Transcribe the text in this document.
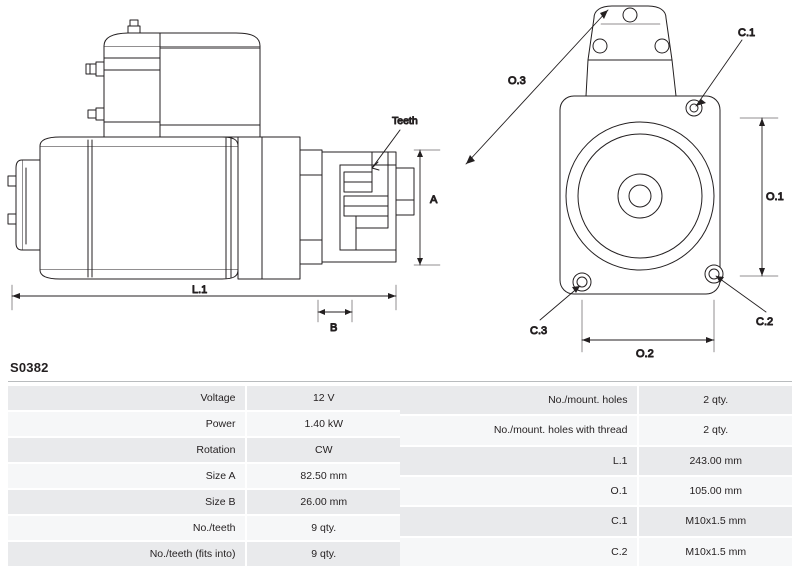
Teeth
A
L.1
B
O.3
C.1
C.2
C.3
O.1
O.2
S0382
Voltage	12 V
Power	1.40 kW
Rotation	CW
Size A	82.50 mm
Size B	26.00 mm
No./teeth	9 qty.
No./teeth (fits into)	9 qty.
No./mount. holes	2 qty.
No./mount. holes with thread	2 qty.
L.1	243.00 mm
O.1	105.00 mm
C.1	M10x1.5 mm
C.2	M10x1.5 mm
